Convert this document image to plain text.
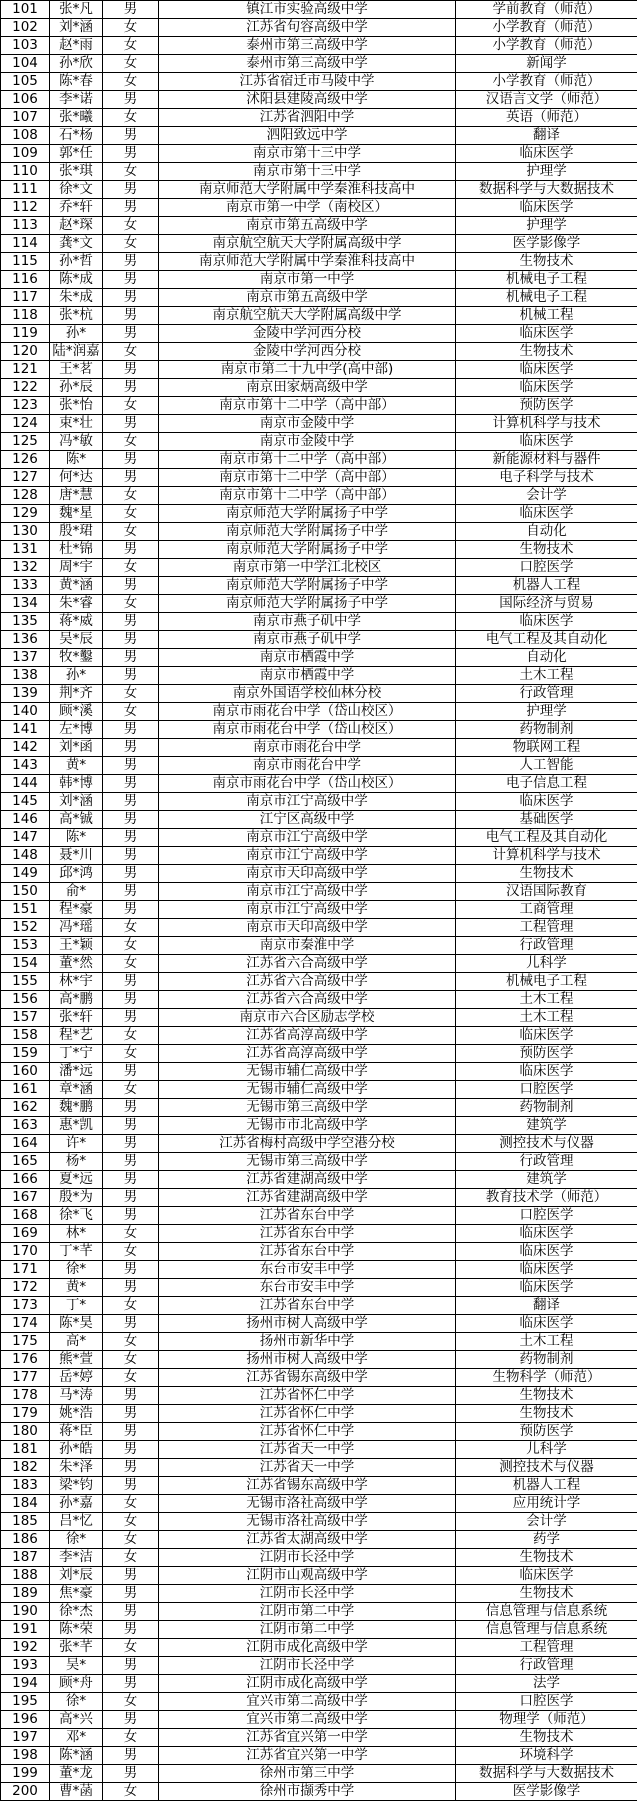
101	张*凡	男	镇江市实验高级中学	学前教育（师范）
102	刘*涵	女	江苏省句容高级中学	小学教育（师范）
103	赵*雨	女	泰州市第三高级中学	小学教育（师范）
104	孙*欣	女	泰州市第三高级中学	新闻学
105	陈*春	女	江苏省宿迁市马陵中学	小学教育（师范）
106	李*诺	男	沭阳县建陵高级中学	汉语言文学（师范）
107	张*曦	女	江苏省泗阳中学	英语（师范）
108	石*杨	男	泗阳致远中学	翻译
109	郭*任	男	南京市第十三中学	临床医学
110	张*琪	女	南京市第十三中学	护理学
111	徐*文	男	南京师范大学附属中学秦淮科技高中	数据科学与大数据技术
112	乔*轩	男	南京市第一中学（南校区）	临床医学
113	赵*琛	女	南京市第五高级中学	护理学
114	龚*文	女	南京航空航天大学附属高级中学	医学影像学
115	孙*哲	男	南京师范大学附属中学秦淮科技高中	生物技术
116	陈*成	男	南京市第一中学	机械电子工程
117	朱*成	男	南京市第五高级中学	机械电子工程
118	张*杭	男	南京航空航天大学附属高级中学	机械工程
119	孙*	男	金陵中学河西分校	临床医学
120	陆*润嘉	女	金陵中学河西分校	生物技术
121	王*茗	男	南京市第二十九中学(高中部)	临床医学
122	孙*辰	男	南京田家炳高级中学	临床医学
123	张*怡	女	南京市第十二中学（高中部）	预防医学
124	束*壮	男	南京市金陵中学	计算机科学与技术
125	冯*敏	女	南京市金陵中学	临床医学
126	陈*	男	南京市第十二中学（高中部）	新能源材料与器件
127	何*达	男	南京市第十二中学（高中部）	电子科学与技术
128	唐*慧	女	南京市第十二中学（高中部）	会计学
129	魏*星	女	南京师范大学附属扬子中学	临床医学
130	殷*珺	女	南京师范大学附属扬子中学	自动化
131	杜*锦	男	南京师范大学附属扬子中学	生物技术
132	周*宇	女	南京市第一中学江北校区	口腔医学
133	黄*涵	男	南京师范大学附属扬子中学	机器人工程
134	朱*睿	女	南京师范大学附属扬子中学	国际经济与贸易
135	蒋*威	男	南京市燕子矶中学	临床医学
136	吴*辰	男	南京市燕子矶中学	电气工程及其自动化
137	牧*鑿	男	南京市栖霞中学	自动化
138	孙*	男	南京市栖霞中学	土木工程
139	荆*齐	女	南京外国语学校仙林分校	行政管理
140	顾*溪	女	南京市雨花台中学（岱山校区）	护理学
141	左*博	男	南京市雨花台中学（岱山校区）	药物制剂
142	刘*函	男	南京市雨花台中学	物联网工程
143	黄*	男	南京市雨花台中学	人工智能
144	韩*博	男	南京市雨花台中学（岱山校区）	电子信息工程
145	刘*涵	男	南京市江宁高级中学	临床医学
146	高*铖	男	江宁区高级中学	基础医学
147	陈*	男	南京市江宁高级中学	电气工程及其自动化
148	聂*川	男	南京市江宁高级中学	计算机科学与技术
149	邱*鸿	男	南京市天印高级中学	生物技术
150	俞*	男	南京市江宁高级中学	汉语国际教育
151	程*豪	男	南京市江宁高级中学	工商管理
152	冯*瑶	女	南京市天印高级中学	工程管理
153	王*颖	女	南京市秦淮中学	行政管理
154	董*然	女	江苏省六合高级中学	儿科学
155	林*宇	男	江苏省六合高级中学	机械电子工程
156	高*鹏	男	江苏省六合高级中学	土木工程
157	张*轩	男	南京市六合区励志学校	土木工程
158	程*艺	女	江苏省高淳高级中学	临床医学
159	丁*宁	女	江苏省高淳高级中学	预防医学
160	潘*远	男	无锡市辅仁高级中学	临床医学
161	章*涵	女	无锡市辅仁高级中学	口腔医学
162	魏*鹏	男	无锡市第三高级中学	药物制剂
163	惠*凯	男	无锡市市北高级中学	建筑学
164	许*	男	江苏省梅村高级中学空港分校	测控技术与仪器
165	杨*	男	无锡市第三高级中学	行政管理
166	夏*远	男	江苏省建湖高级中学	建筑学
167	殷*为	男	江苏省建湖高级中学	教育技术学（师范）
168	徐*飞	男	江苏省东台中学	口腔医学
169	林*	女	江苏省东台中学	临床医学
170	丁*芊	女	江苏省东台中学	临床医学
171	徐*	男	东台市安丰中学	临床医学
172	黄*	男	东台市安丰中学	临床医学
173	丁*	女	江苏省东台中学	翻译
174	陈*昊	男	扬州市树人高级中学	临床医学
175	高*	女	扬州市新华中学	土木工程
176	熊*萱	女	扬州市树人高级中学	药物制剂
177	岳*婷	女	江苏省锡东高级中学	生物科学（师范）
178	马*涛	男	江苏省怀仁中学	生物技术
179	姚*浩	男	江苏省怀仁中学	生物技术
180	蒋*臣	男	江苏省怀仁中学	预防医学
181	孙*皓	男	江苏省天一中学	儿科学
182	朱*泽	男	江苏省天一中学	测控技术与仪器
183	梁*钧	男	江苏省锡东高级中学	机器人工程
184	孙*嘉	女	无锡市洛社高级中学	应用统计学
185	吕*忆	女	无锡市洛社高级中学	会计学
186	徐*	女	江苏省太湖高级中学	药学
187	李*洁	女	江阴市长泾中学	生物技术
188	刘*辰	男	江阴市山观高级中学	临床医学
189	焦*豪	男	江阴市长泾中学	生物技术
190	徐*杰	男	江阴市第二中学	信息管理与信息系统
191	陈*荣	男	江阴市第二中学	信息管理与信息系统
192	张*芊	女	江阴市成化高级中学	工程管理
193	吴*	男	江阴市长泾中学	行政管理
194	顾*舟	男	江阴市成化高级中学	法学
195	徐*	女	宜兴市第二高级中学	口腔医学
196	高*兴	男	宜兴市第二高级中学	物理学（师范）
197	邓*	女	江苏省宜兴第一中学	生物技术
198	陈*涵	男	江苏省宜兴第一中学	环境科学
199	董*龙	男	徐州市第三中学	数据科学与大数据技术
200	曹*菡	女	徐州市撷秀中学	医学影像学
